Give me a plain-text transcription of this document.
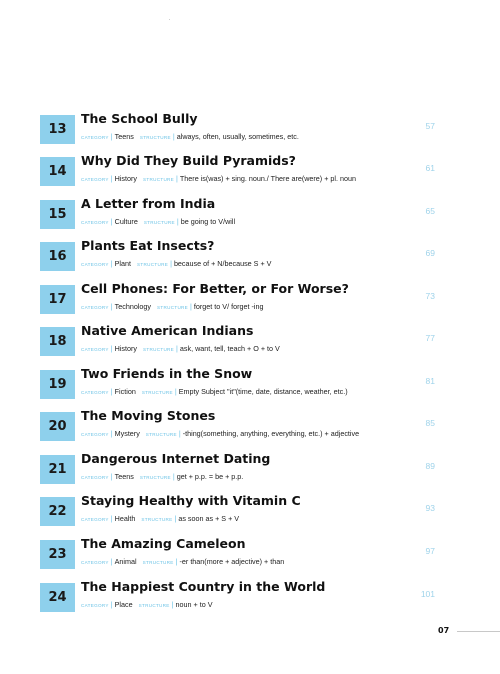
13
The School Bully
CATEGORY | Teens STRUCTURE | always, often, usually, sometimes, etc.
57
14
Why Did They Build Pyramids?
CATEGORY | History STRUCTURE | There is(was) + sing. noun./ There are(were) + pl. noun
61
15
A Letter from India
CATEGORY | Culture STRUCTURE | be going to V/will
65
16
Plants Eat Insects?
CATEGORY | Plant STRUCTURE | because of + N/because S + V
69
17
Cell Phones: For Better, or For Worse?
CATEGORY | Technology STRUCTURE | forget to V/ forget -ing
73
18
Native American Indians
CATEGORY | History STRUCTURE | ask, want, tell, teach + O + to V
77
19
Two Friends in the Snow
CATEGORY | Fiction STRUCTURE | Empty Subject "it"(time, date, distance, weather, etc.)
81
20
The Moving Stones
CATEGORY | Mystery STRUCTURE | -thing(something, anything, everything, etc.) + adjective
85
21
Dangerous Internet Dating
CATEGORY | Teens STRUCTURE | get + p.p. = be + p.p.
89
22
Staying Healthy with Vitamin C
CATEGORY | Health STRUCTURE | as soon as + S + V
93
23
The Amazing Cameleon
CATEGORY | Animal STRUCTURE | -er than(more + adjective) + than
97
24
The Happiest Country in the World
CATEGORY | Place STRUCTURE | noun + to V
101
07
